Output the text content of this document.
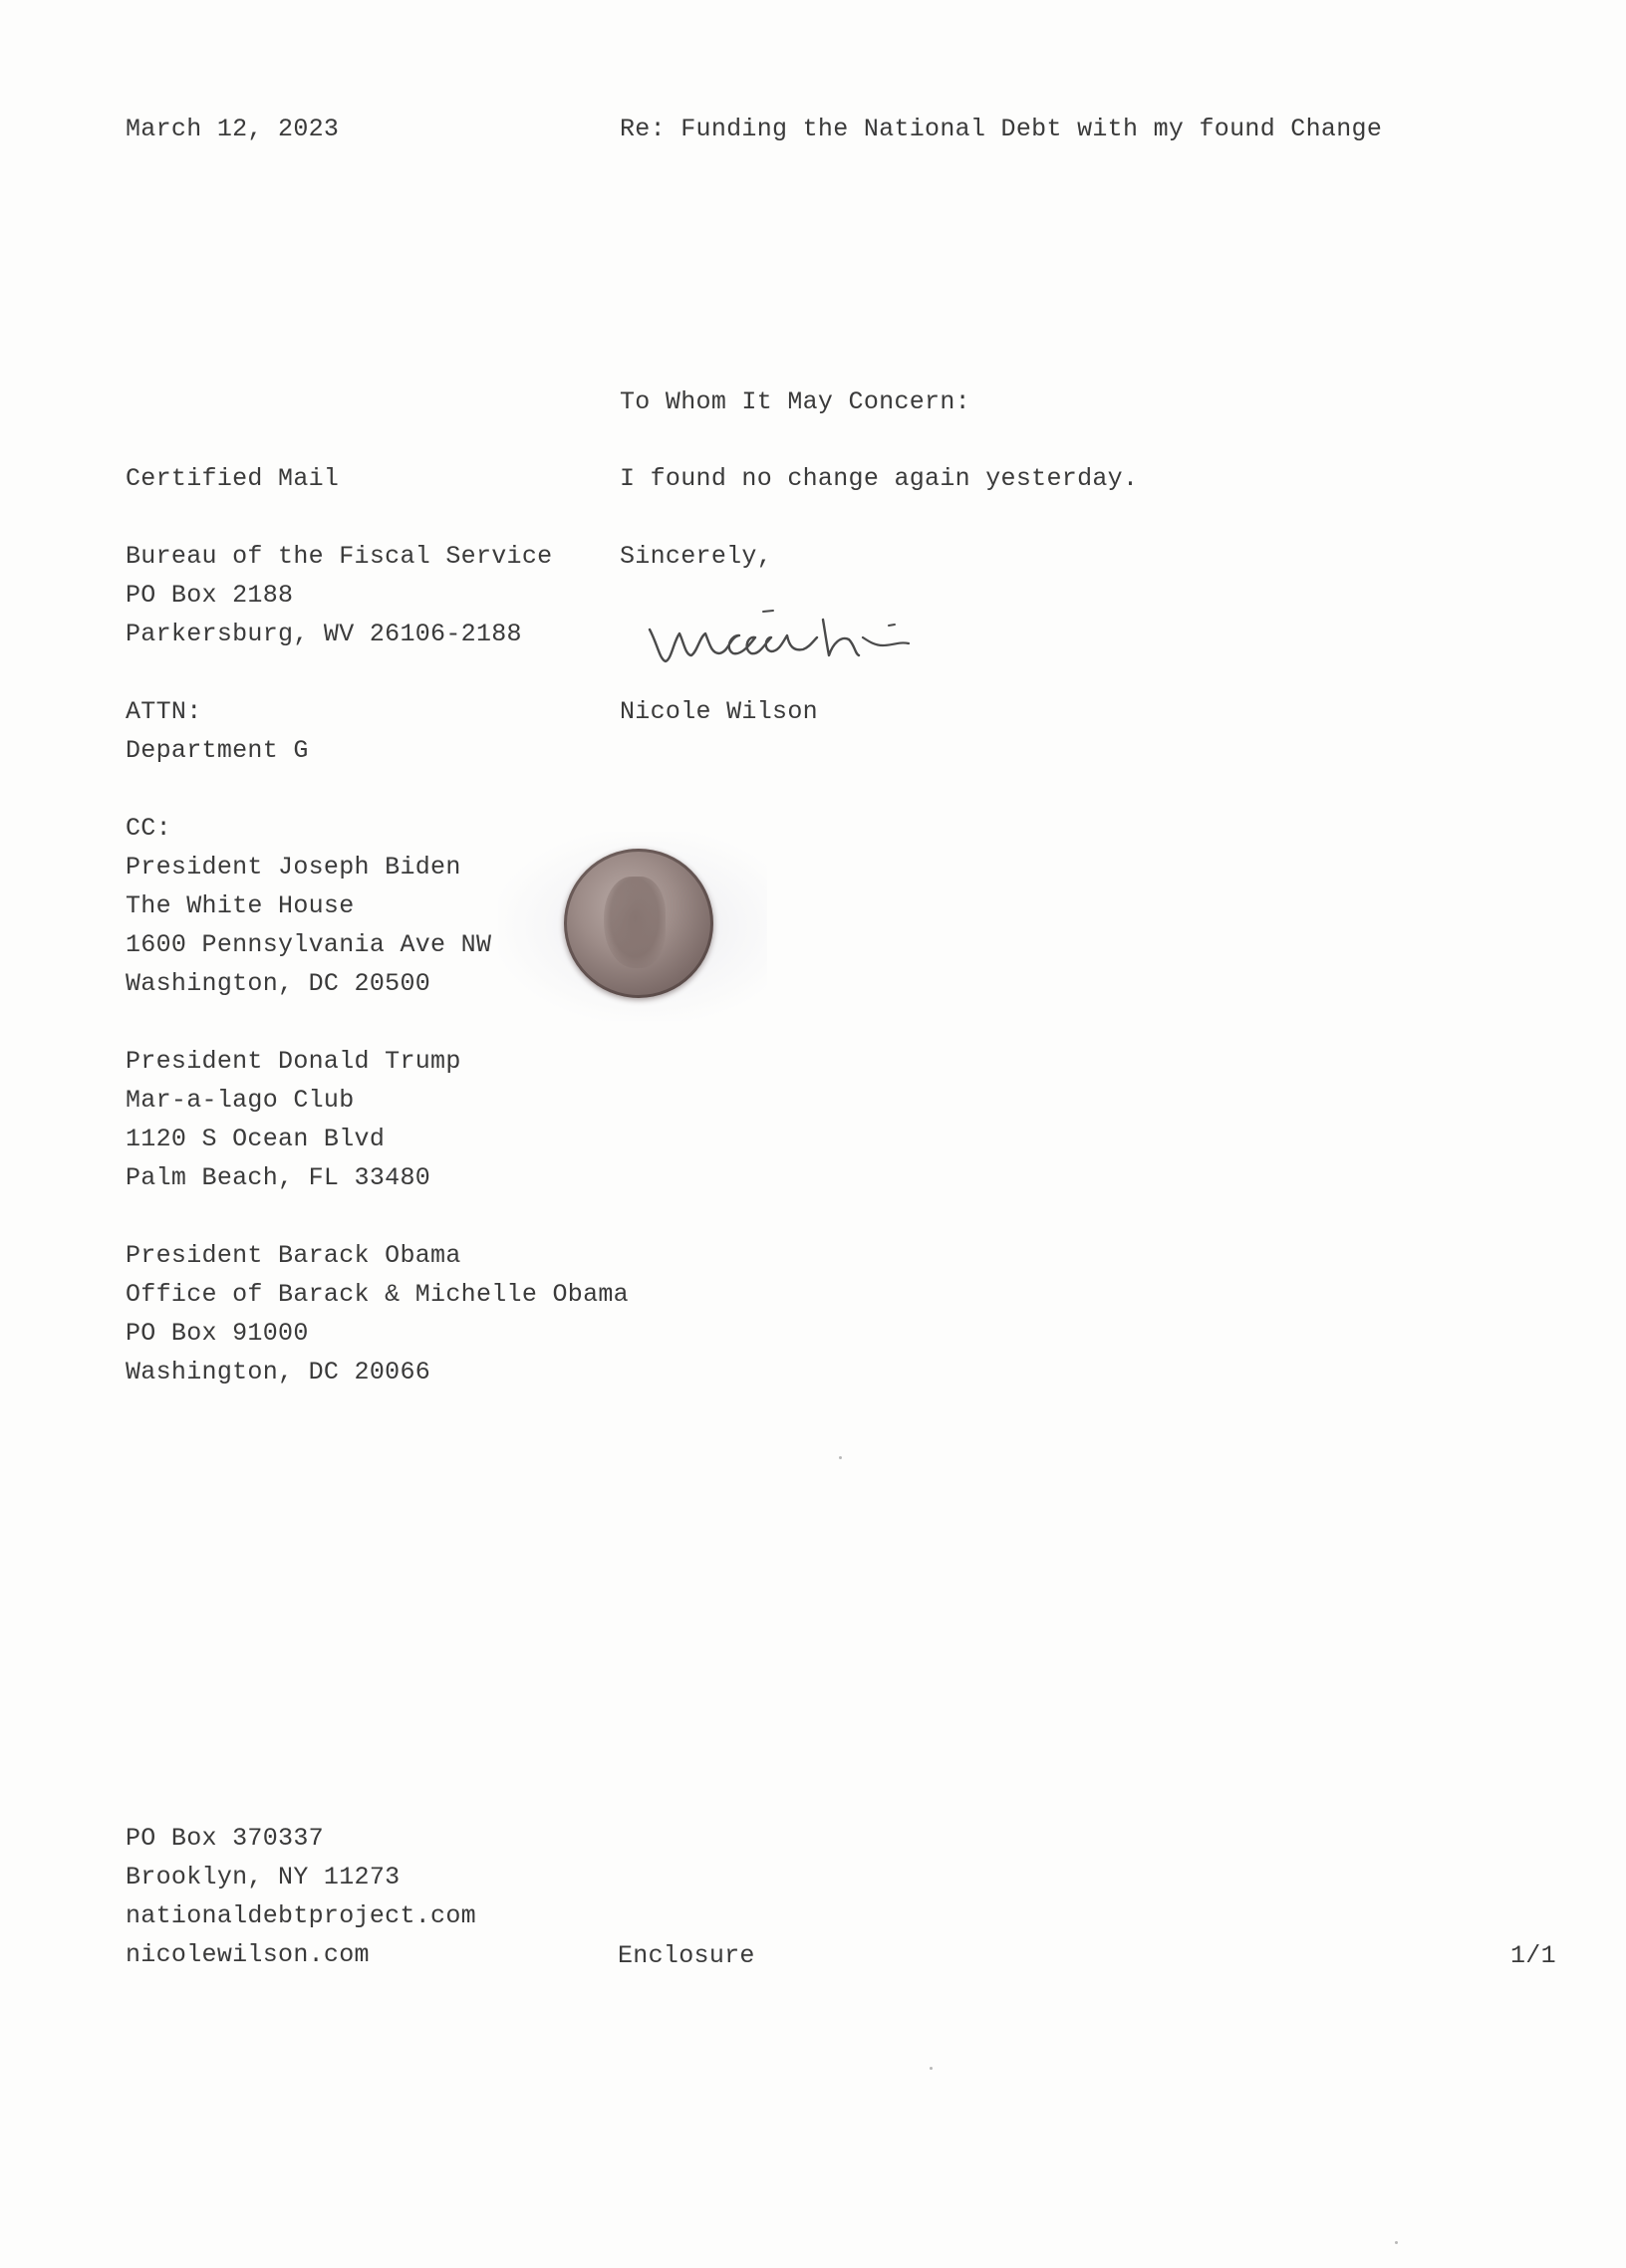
March 12, 2023	Re: Funding the National Debt with my found Change
To Whom It May Concern:
I found no change again yesterday.
Sincerely,
Nicole Wilson
Certified Mail
Bureau of the Fiscal Service
PO Box 2188
Parkersburg, WV 26106-2188
ATTN:
Department G
CC:
President Joseph Biden
The White House
1600 Pennsylvania Ave NW
Washington, DC 20500
President Donald Trump
Mar-a-lago Club
1120 S Ocean Blvd
Palm Beach, FL 33480
President Barack Obama
Office of Barack & Michelle Obama
PO Box 91000
Washington, DC 20066
PO Box 370337
Brooklyn, NY 11273
nationaldebtproject.com
nicolewilson.com	Enclosure	1/1
